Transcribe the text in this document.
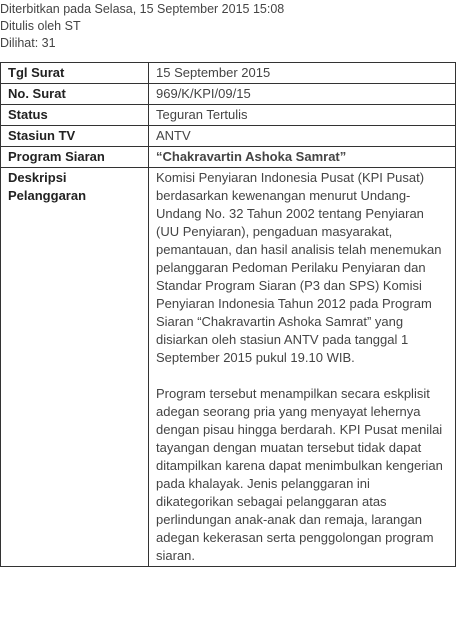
Diterbitkan pada Selasa, 15 September 2015 15:08
Ditulis oleh ST
Dilihat: 31
Tgl Surat	15 September 2015
No. Surat	969/K/KPI/09/15
Status	Teguran Tertulis
Stasiun TV	ANTV
Program Siaran	“Chakravartin Ashoka Samrat”
Deskripsi Pelanggaran	Komisi Penyiaran Indonesia Pusat (KPI Pusat) berdasarkan kewenangan menurut Undang-Undang No. 32 Tahun 2002 tentang Penyiaran (UU Penyiaran), pengaduan masyarakat, pemantauan, dan hasil analisis telah menemukan pelanggaran Pedoman Perilaku Penyiaran dan Standar Program Siaran (P3 dan SPS) Komisi Penyiaran Indonesia Tahun 2012 pada Program Siaran “Chakravartin Ashoka Samrat” yang disiarkan oleh stasiun ANTV pada tanggal 1 September 2015 pukul 19.10 WIB.

Program tersebut menampilkan secara eskplisit adegan seorang pria yang menyayat lehernya dengan pisau hingga berdarah. KPI Pusat menilai tayangan dengan muatan tersebut tidak dapat ditampilkan karena dapat menimbulkan kengerian pada khalayak. Jenis pelanggaran ini dikategorikan sebagai pelanggaran atas perlindungan anak-anak dan remaja, larangan adegan kekerasan serta penggolongan program siaran.
